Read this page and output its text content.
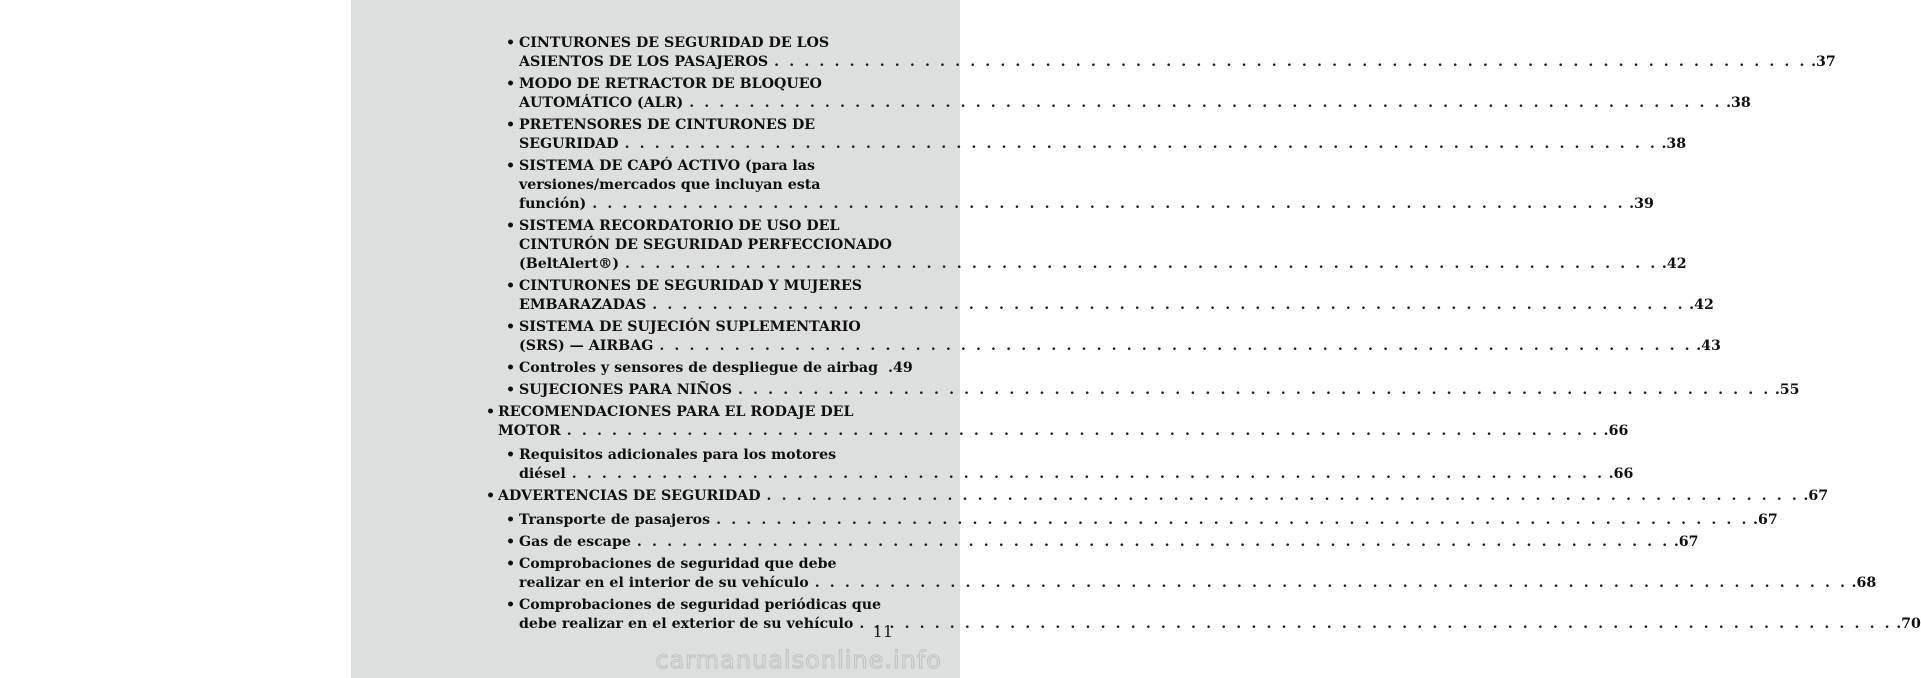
• CINTURONES DE SEGURIDAD DE LOS
ASIENTOS DE LOS PASAJEROS . . .	.37
• MODO DE RETRACTOR DE BLOQUEO
AUTOMÁTICO (ALR) . . .	.38
• PRETENSORES DE CINTURONES DE
SEGURIDAD . . .	.38
• SISTEMA DE CAPÓ ACTIVO (para las
versiones/mercados que incluyan esta
función) . . .	.39
• SISTEMA RECORDATORIO DE USO DEL
CINTURÓN DE SEGURIDAD PERFECCIONADO
(BeltAlert®) . . .	.42
• CINTURONES DE SEGURIDAD Y MUJERES
EMBARAZADAS . . .	.42
• SISTEMA DE SUJECIÓN SUPLEMENTARIO
(SRS) — AIRBAG . . .	.43
• Controles y sensores de despliegue de airbag .49
• SUJECIONES PARA NIÑOS . . .	.55
• RECOMENDACIONES PARA EL RODAJE DEL
MOTOR . . .	.66
• Requisitos adicionales para los motores
diésel . . .	.66
• ADVERTENCIAS DE SEGURIDAD . . .	.67
• Transporte de pasajeros . . .	.67
• Gas de escape . . .	.67
• Comprobaciones de seguridad que debe
realizar en el interior de su vehículo . . .	.68
• Comprobaciones de seguridad periódicas que
debe realizar en el exterior de su vehículo . . .	.70
11
carmanualsonline.info
